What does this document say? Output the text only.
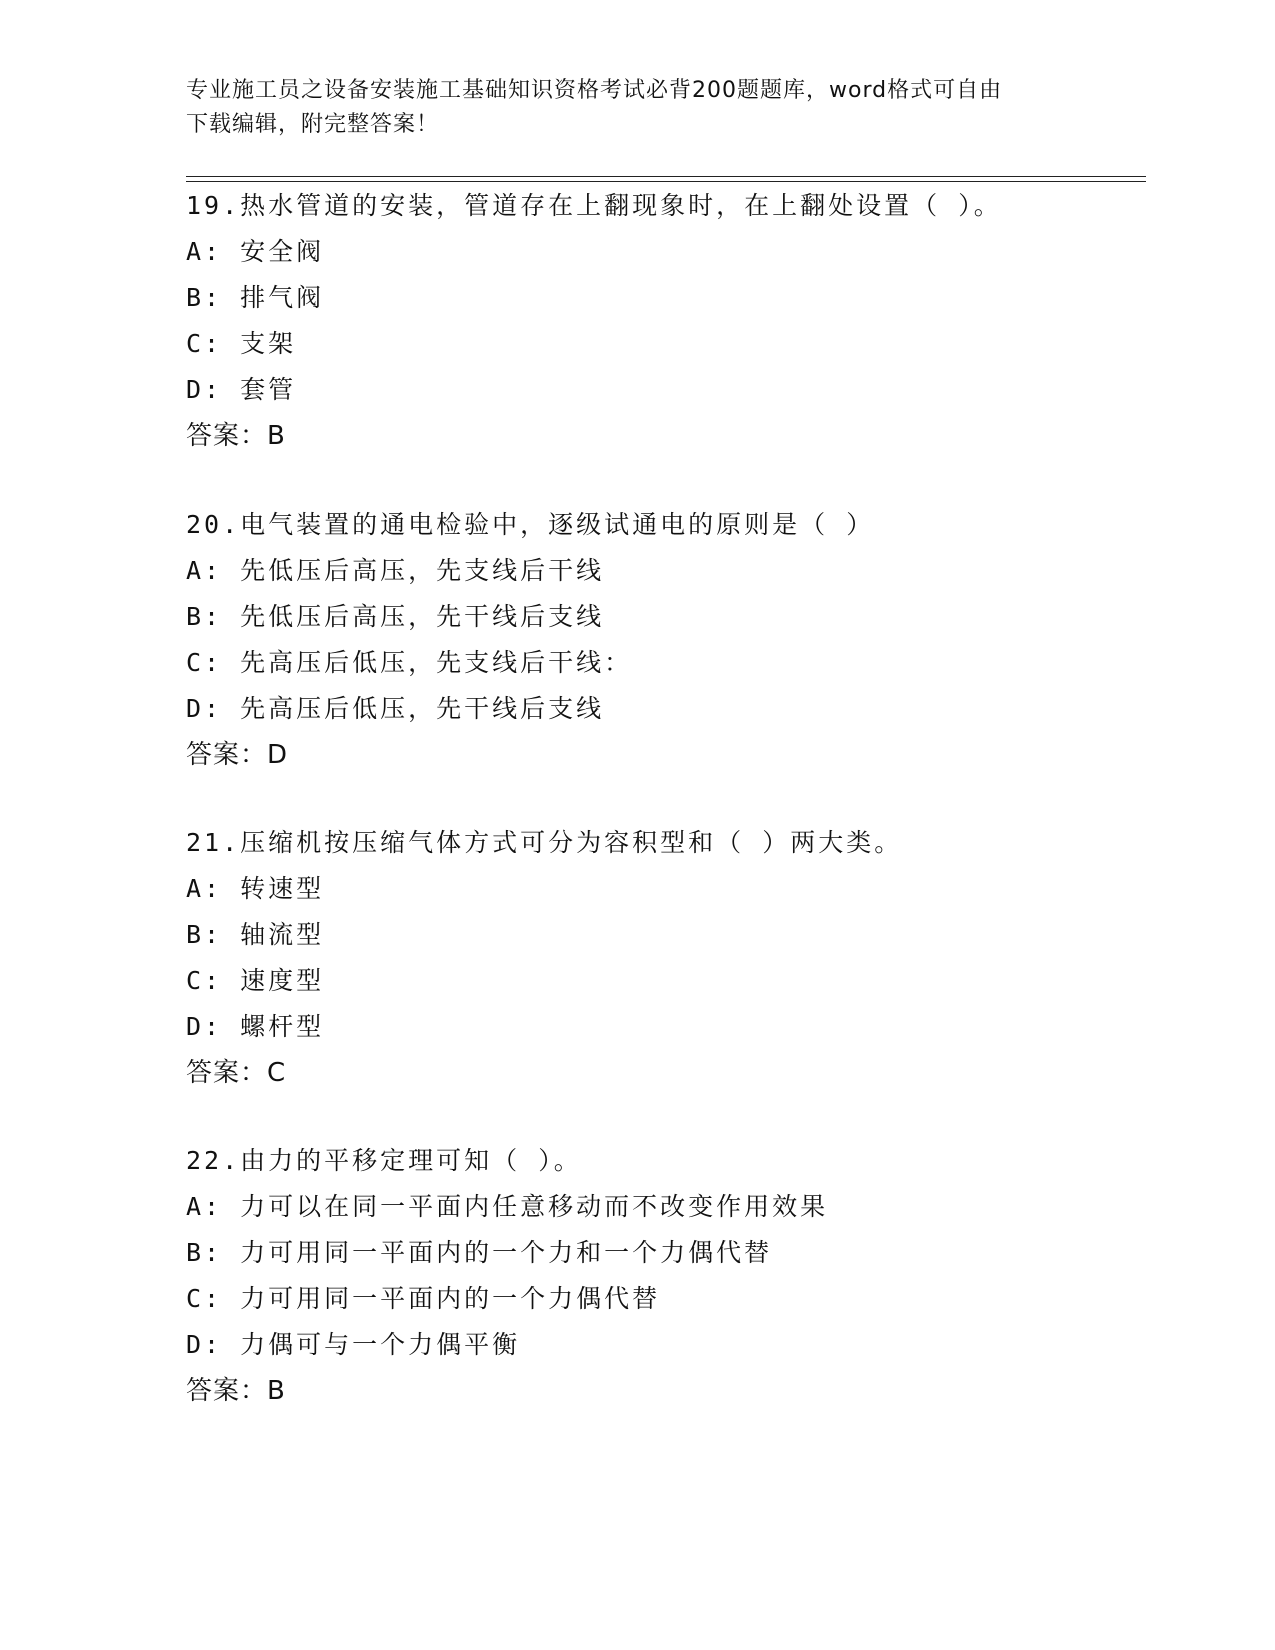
专业施工员之设备安装施工基础知识资格考试必背200题题库，word格式可自由
下载编辑，附完整答案！
19.热水管道的安装，管道存在上翻现象时，在上翻处设置（ ）。
A: 安全阀
B: 排气阀
C: 支架
D: 套管
答案：B
20.电气装置的通电检验中，逐级试通电的原则是（ ）
A: 先低压后高压，先支线后干线
B: 先低压后高压，先干线后支线
C: 先高压后低压，先支线后干线：
D: 先高压后低压，先干线后支线
答案：D
21.压缩机按压缩气体方式可分为容积型和（ ）两大类。
A: 转速型
B: 轴流型
C: 速度型
D: 螺杆型
答案：C
22.由力的平移定理可知（ ）。
A: 力可以在同一平面内任意移动而不改变作用效果
B: 力可用同一平面内的一个力和一个力偶代替
C: 力可用同一平面内的一个力偶代替
D: 力偶可与一个力偶平衡
答案：B
